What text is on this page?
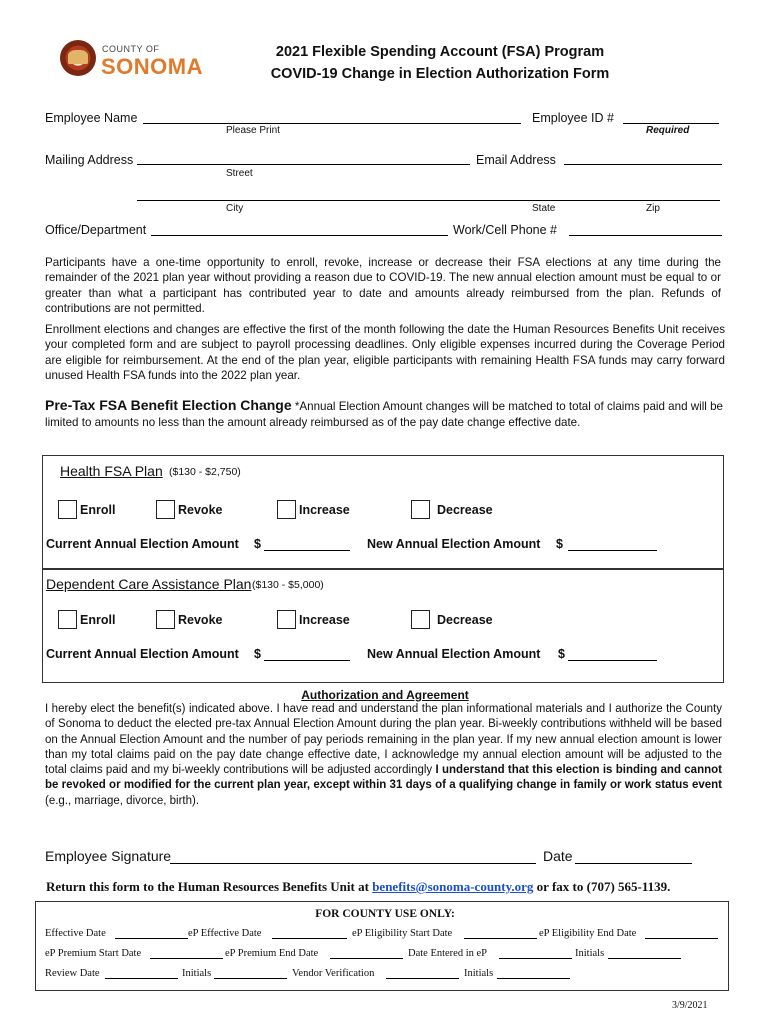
COUNTY OF
SONOMA
2021 Flexible Spending Account (FSA) Program
COVID-19 Change in Election Authorization Form
Employee Name
Please Print
Employee ID #
Required
Mailing Address
Street
Email Address
City	State	Zip
Office/Department	Work/Cell Phone #
Participants have a one-time opportunity to enroll, revoke, increase or decrease their FSA elections at any time during the remainder of the 2021 plan year without providing a reason due to COVID-19. The new annual election amount must be equal to or greater than what a participant has contributed year to date and amounts already reimbursed from the plan. Refunds of contributions are not permitted.
Enrollment elections and changes are effective the first of the month following the date the Human Resources Benefits Unit receives your completed form and are subject to payroll processing deadlines. Only eligible expenses incurred during the Coverage Period are eligible for reimbursement. At the end of the plan year, eligible participants with remaining Health FSA funds may carry forward unused Health FSA funds into the 2022 plan year.
Pre-Tax FSA Benefit Election Change *Annual Election Amount changes will be matched to total of claims paid and will be limited to amounts no less than the amount already reimbursed as of the pay date change effective date.
Health FSA Plan ($130 - $2,750)
Enroll	Revoke	Increase	Decrease
Current Annual Election Amount $	New Annual Election Amount $
Dependent Care Assistance Plan ($130 - $5,000)
Enroll	Revoke	Increase	Decrease
Current Annual Election Amount $	New Annual Election Amount $
Authorization and Agreement
I hereby elect the benefit(s) indicated above. I have read and understand the plan informational materials and I authorize the County of Sonoma to deduct the elected pre-tax Annual Election Amount during the plan year. Bi-weekly contributions withheld will be based on the Annual Election Amount and the number of pay periods remaining in the plan year. If my new annual election amount is lower than my total claims paid on the pay date change effective date, I acknowledge my annual election amount will be adjusted to the total claims paid and my bi-weekly contributions will be adjusted accordingly I understand that this election is binding and cannot be revoked or modified for the current plan year, except within 31 days of a qualifying change in family or work status event (e.g., marriage, divorce, birth).
Employee Signature	Date
Return this form to the Human Resources Benefits Unit at benefits@sonoma-county.org or fax to (707) 565-1139.
FOR COUNTY USE ONLY:
Effective Date	eP Effective Date	eP Eligibility Start Date	eP Eligibility End Date
eP Premium Start Date	eP Premium End Date	Date Entered in eP	Initials
Review Date	Initials	Vendor Verification	Initials
3/9/2021
